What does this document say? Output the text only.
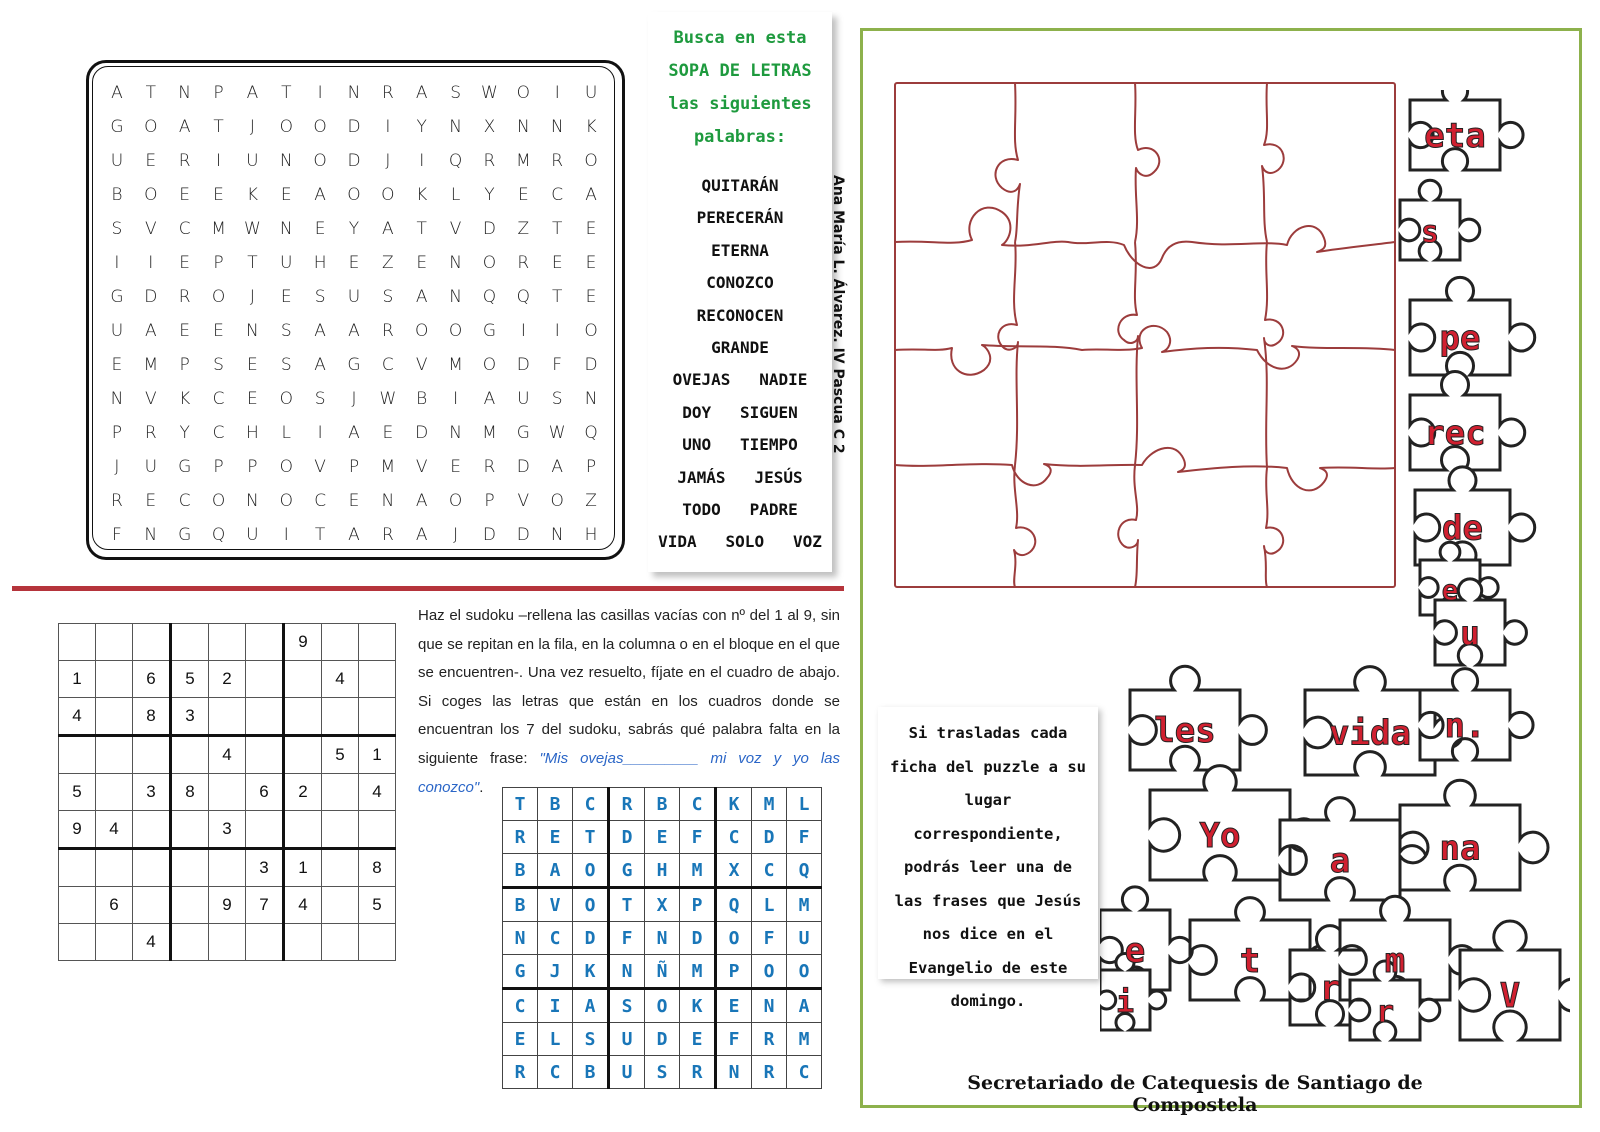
A	T	N	P	A	T	I	N	R	A	S	W	O	I	U
G	O	A	T	J	O	O	D	I	Y	N	X	N	N	K
U	E	R	I	U	N	O	D	J	I	Q	R	M	R	O
B	O	E	E	K	E	A	O	O	K	L	Y	E	C	A
S	V	C	M	W	N	E	Y	A	T	V	D	Z	T	E
I	I	E	P	T	U	H	E	Z	E	N	O	R	E	E
G	D	R	O	J	E	S	U	S	A	N	Q	Q	T	E
U	A	E	E	N	S	A	A	R	O	O	G	I	I	O
E	M	P	S	E	S	A	G	C	V	M	O	D	F	D
N	V	K	C	E	O	S	J	W	B	I	A	U	S	N
P	R	Y	C	H	L	I	A	E	D	N	M	G	W	Q
J	U	G	P	P	O	V	P	M	V	E	R	D	A	P
R	E	C	O	N	O	C	E	N	A	O	P	V	O	Z
F	N	G	Q	U	I	T	A	R	A	J	D	D	N	H
Busca en esta
SOPA DE LETRAS
las siguientes
palabras:
QUITARÁN
PERECERÁN
ETERNA
CONOZCO
RECONOCEN
GRANDE
OVEJAS   NADIE
DOY   SIGUEN
UNO   TIEMPO
JAMÁS   JESÚS
TODO   PADRE
VIDA   SOLO   VOZ
Ana María L. Álvarez. IV Pascua C 2
eta
s
pe
rec
de
e
u
les	vida n.
Yo
a	na
e	t
r
m
i	r	V
Si trasladas cada ficha del puzzle a su lugar correspondiente, podrás leer una de las frases que Jesús nos dice en el Evangelio de este domingo.
Secretariado de Catequesis de Santiago de Compostela
						9		
1		6	5	2			4	
4		8	3					
				4			5	1
5		3	8		6	2		4
9	4			3				
					3	1		8
	6			9	7	4		5
		4						
Haz el sudoku –rellena las casillas vacías con nº del 1 al 9, sin que se repitan en la fila, en la columna o en el bloque en el que se encuentren-. Una vez resuelto, fíjate en el cuadro de abajo. Si coges las letras que están en los cuadros donde se encuentran los 7 del sudoku, sabrás qué palabra falta en la siguiente frase: "Mis ovejas_________ mi voz y yo las conozco".
T	B	C	R	B	C	K	M	L
R	E	T	D	E	F	C	D	F
B	A	O	G	H	M	X	C	Q
B	V	O	T	X	P	Q	L	M
N	C	D	F	N	D	O	F	U
G	J	K	N	Ñ	M	P	O	O
C	I	A	S	O	K	E	N	A
E	L	S	U	D	E	F	R	M
R	C	B	U	S	R	N	R	C
